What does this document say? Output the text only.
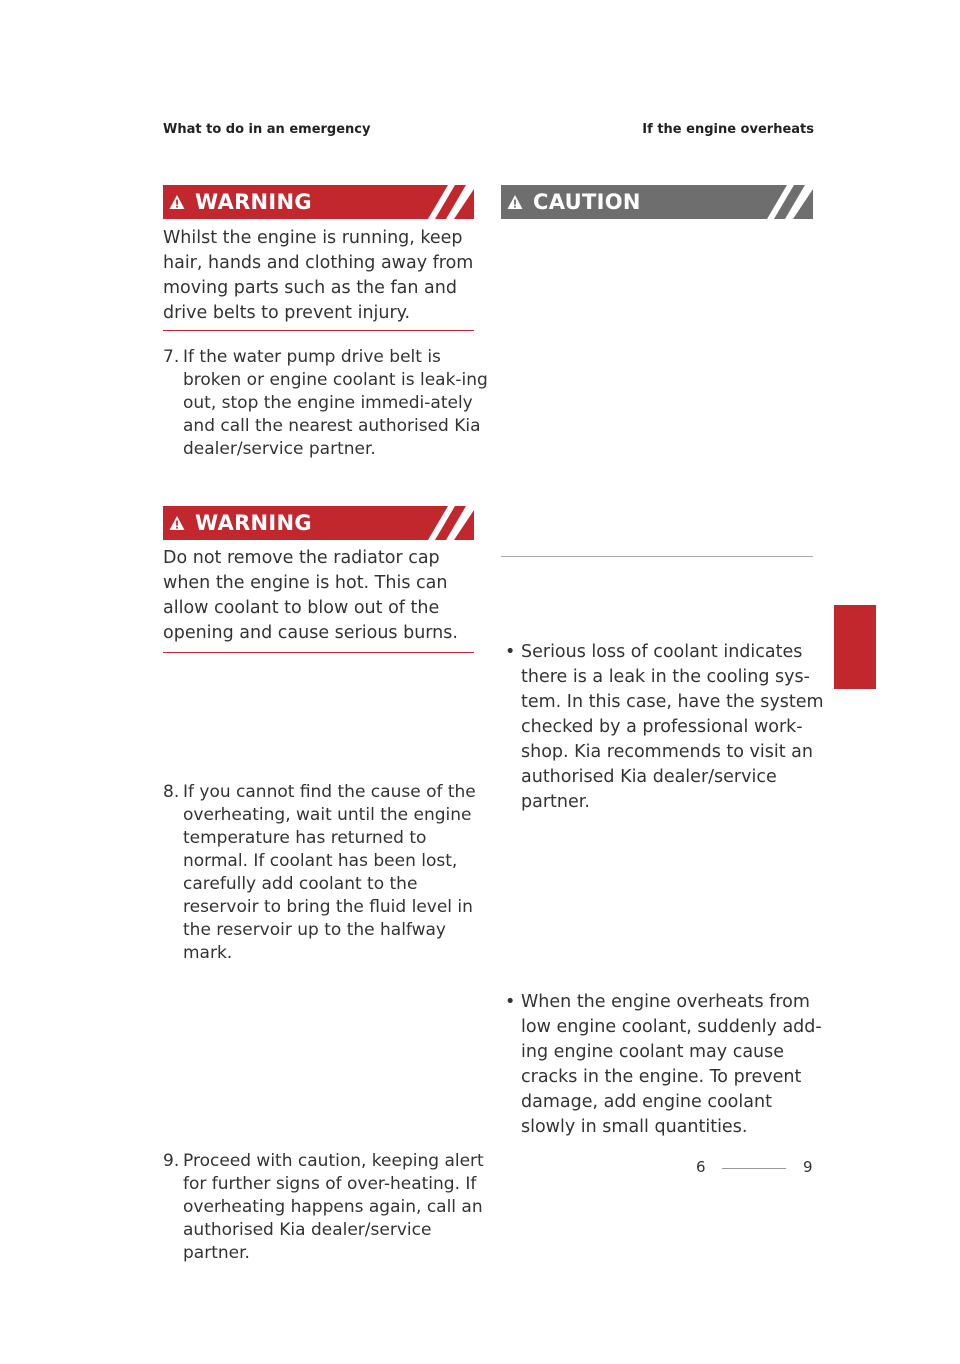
What to do in an emergency	If the engine overheats
WARNING
Whilst the engine is running, keep hair, hands and clothing away from moving parts such as the fan and drive belts to prevent injury.
7. If the water pump drive belt is broken or engine coolant is leak-ing out, stop the engine immedi-ately and call the nearest authorised Kia dealer/service partner.
WARNING
Do not remove the radiator cap when the engine is hot. This can allow coolant to blow out of the opening and cause serious burns.
8. If you cannot find the cause of the overheating, wait until the engine temperature has returned to normal. If coolant has been lost, carefully add coolant to the reservoir to bring the fluid level in the reservoir up to the halfway mark.
9. Proceed with caution, keeping alert for further signs of over-heating. If overheating happens again, call an authorised Kia dealer/service partner.
CAUTION
• Serious loss of coolant indicates there is a leak in the cooling sys-tem. In this case, have the system checked by a professional work-shop. Kia recommends to visit an authorised Kia dealer/service partner.
• When the engine overheats from low engine coolant, suddenly add-ing engine coolant may cause cracks in the engine. To prevent damage, add engine coolant slowly in small quantities.
6
6	9
